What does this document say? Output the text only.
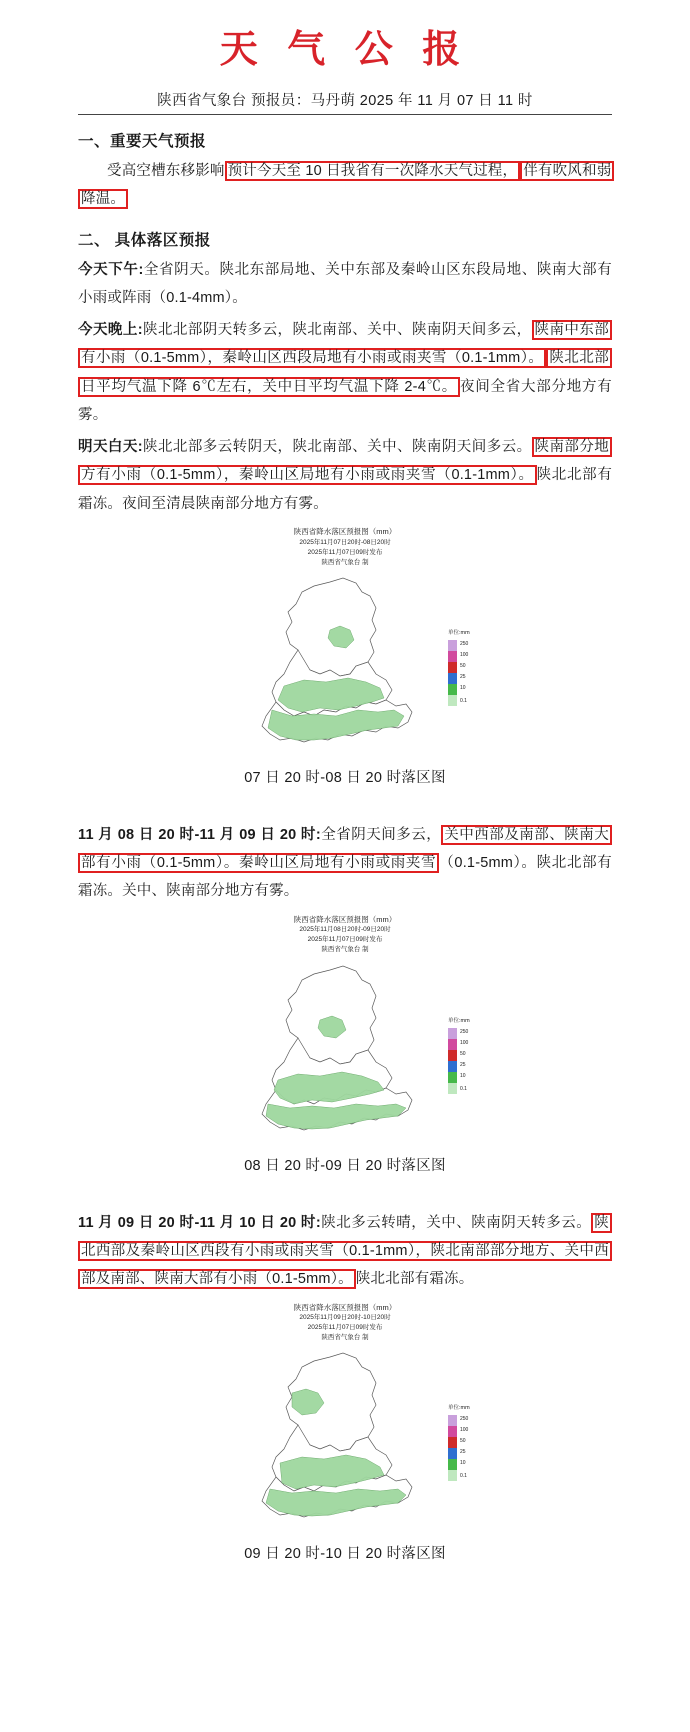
天 气 公 报
陕西省气象台 预报员：马丹萌 2025 年 11 月 07 日 11 时
一、重要天气预报

受高空槽东移影响 预计今天至 10 日我省有一次降水天气过程， 伴有吹风和弱降温。

二、 具体落区预报

今天下午:全省阴天。陕北东部局地、关中东部及秦岭山区东段局地、陕南大部有小雨或阵雨（0.1-4mm）。

今天晚上:陕北北部阴天转多云，陕北南部、关中、陕南阴天间多云， 陕南中东部有小雨（0.1-5mm），秦岭山区西段局地有小雨或雨夹雪（0.1-1mm）。 陕北北部日平均气温下降 6℃左右，关中日平均气温下降 2-4℃。 夜间全省大部分地方有雾。

明天白天:陕北北部多云转阴天，陕北南部、关中、陕南阴天间多云。 陕南部分地方有小雨（0.1-5mm），秦岭山区局地有小雨或雨夹雪（0.1-1mm）。 陕北北部有霜冻。夜间至清晨陕南部分地方有雾。

陕西省降水落区预报图（mm）
2025年11月07日20时-08日20时
2025年11月07日09时发布
陕西省气象台 制
单位:mm
250
100
50
25
10
0.1
07 日 20 时-08 日 20 时落区图

11 月 08 日 20 时-11 月 09 日 20 时:全省阴天间多云， 关中西部及南部、陕南大部有小雨（0.1-5mm）。秦岭山区局地有小雨或雨夹雪 （0.1-5mm）。陕北北部有霜冻。关中、陕南部分地方有雾。

陕西省降水落区预报图（mm）
2025年11月08日20时-09日20时
2025年11月07日09时发布
陕西省气象台 制
单位:mm
250
100
50
25
10
0.1
08 日 20 时-09 日 20 时落区图

11 月 09 日 20 时-11 月 10 日 20 时:陕北多云转晴，关中、陕南阴天转多云。 陕北西部及秦岭山区西段有小雨或雨夹雪（0.1-1mm），陕北南部部分地方、关中西部及南部、陕南大部有小雨（0.1-5mm）。 陕北北部有霜冻。

陕西省降水落区预报图（mm）
2025年11月09日20时-10日20时
2025年11月07日09时发布
陕西省气象台 制
单位:mm
250
100
50
25
10
0.1
09 日 20 时-10 日 20 时落区图
